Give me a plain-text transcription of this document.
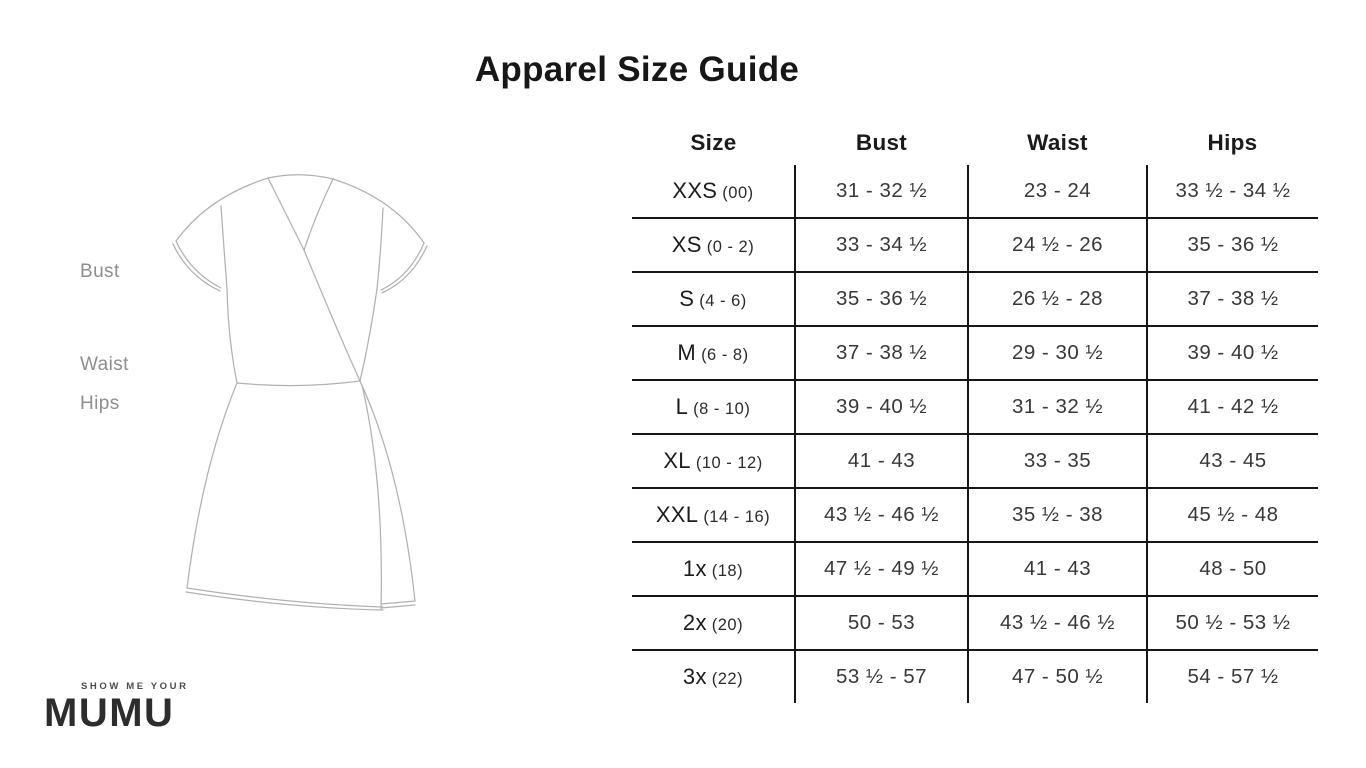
Apparel Size Guide
Bust
Waist
Hips
Size	Bust	Waist	Hips
XXS (00)	31 - 32 ½	23 - 24	33 ½ - 34 ½
XS (0 - 2)	33 - 34 ½	24 ½ - 26	35 - 36 ½
S (4 - 6)	35 - 36 ½	26 ½ - 28	37 - 38 ½
M (6 - 8)	37 - 38 ½	29 - 30 ½	39 - 40 ½
L (8 - 10)	39 - 40 ½	31 - 32 ½	41 - 42 ½
XL (10 - 12)	41 - 43	33 - 35	43 - 45
XXL (14 - 16)	43 ½ - 46 ½	35 ½ - 38	45 ½ - 48
1x (18)	47 ½ - 49 ½	41 - 43	48 - 50
2x (20)	50 - 53	43 ½ - 46 ½	50 ½ - 53 ½
3x (22)	53 ½ - 57	47 - 50 ½	54 - 57 ½
SHOW ME YOUR
MUMU
